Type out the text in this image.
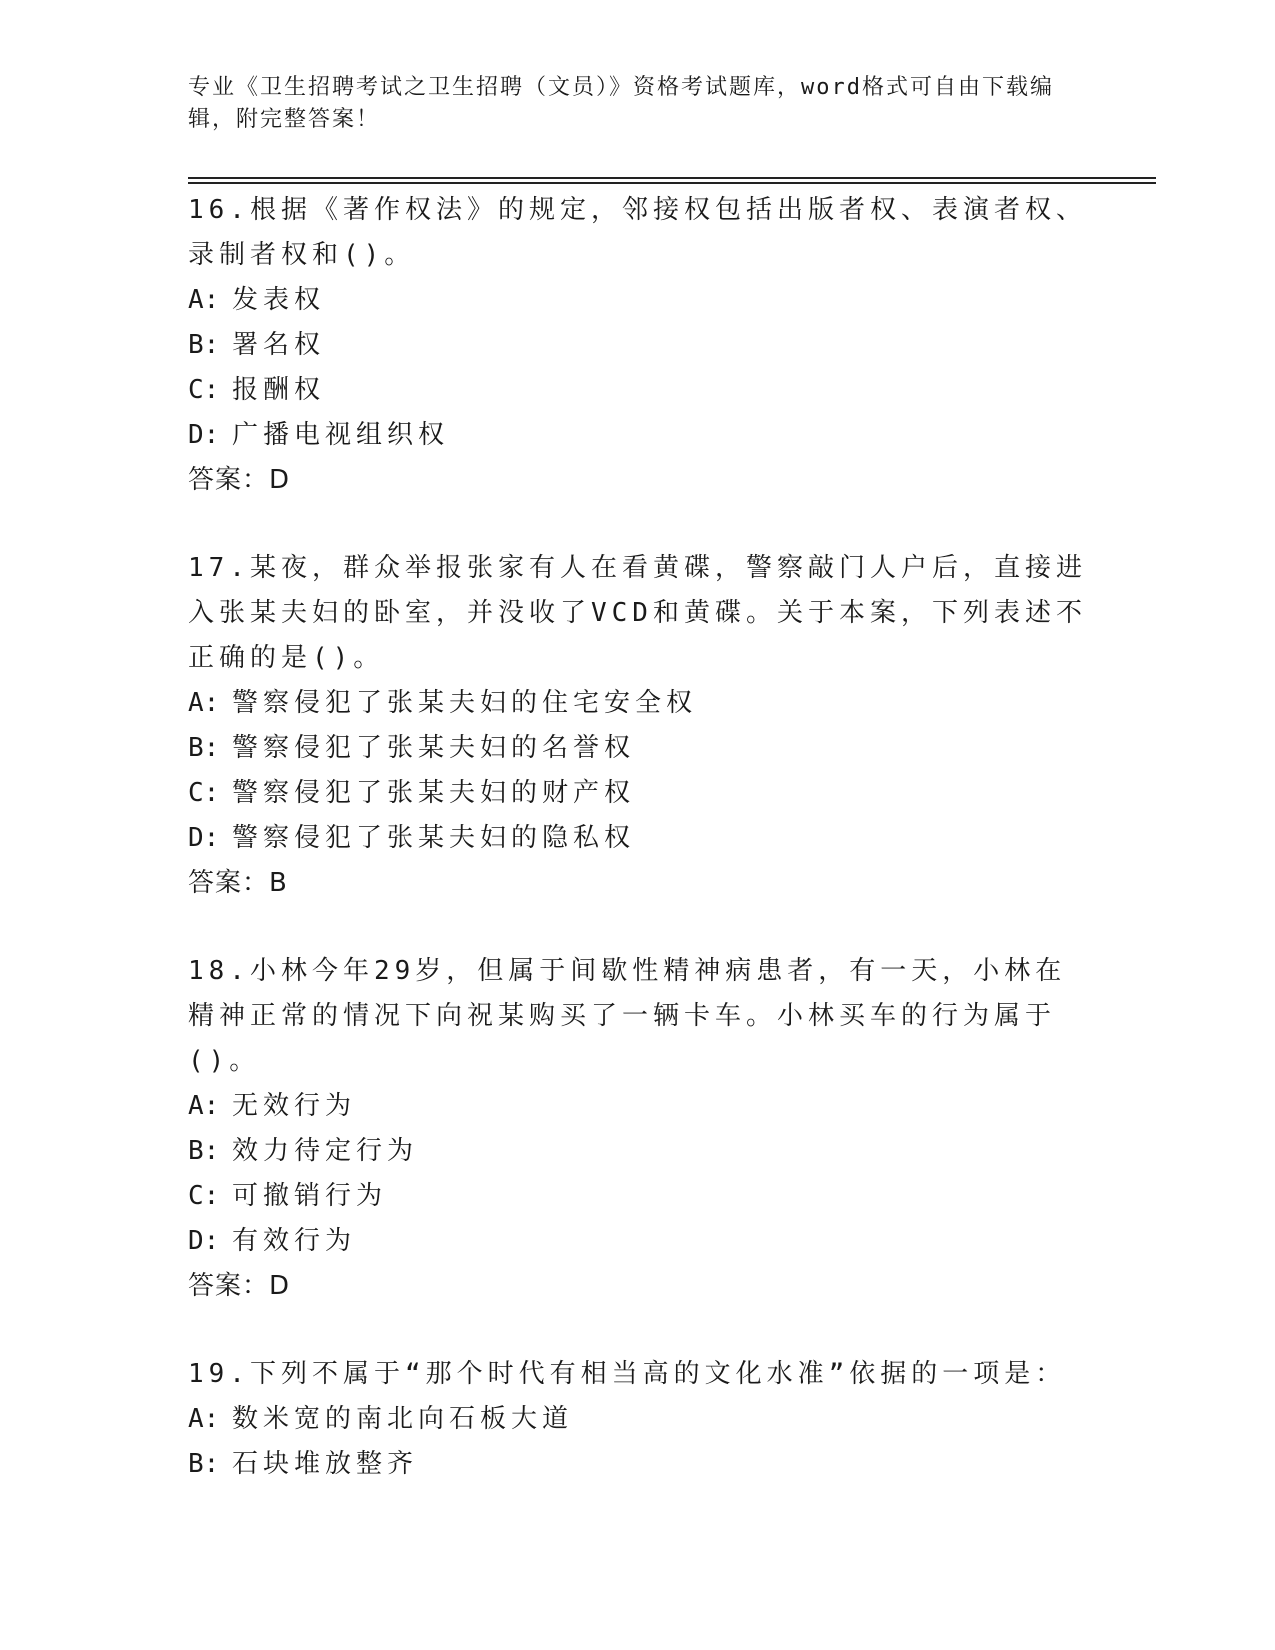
专业《卫生招聘考试之卫生招聘（文员）》资格考试题库，word格式可自由下载编辑，附完整答案！

16.根据《著作权法》的规定，邻接权包括出版者权、表演者权、录制者权和()。

A: 发表权
B: 署名权
C: 报酬权
D: 广播电视组织权
答案：D

17.某夜，群众举报张家有人在看黄碟，警察敲门人户后，直接进入张某夫妇的卧室，并没收了VCD和黄碟。关于本案，下列表述不正确的是()。

A: 警察侵犯了张某夫妇的住宅安全权
B: 警察侵犯了张某夫妇的名誉权
C: 警察侵犯了张某夫妇的财产权
D: 警察侵犯了张某夫妇的隐私权
答案：B

18.小林今年29岁，但属于间歇性精神病患者，有一天，小林在精神正常的情况下向祝某购买了一辆卡车。小林买车的行为属于()。

A: 无效行为
B: 效力待定行为
C: 可撤销行为
D: 有效行为
答案：D

19.下列不属于“那个时代有相当高的文化水准”依据的一项是：

A: 数米宽的南北向石板大道
B: 石块堆放整齐
